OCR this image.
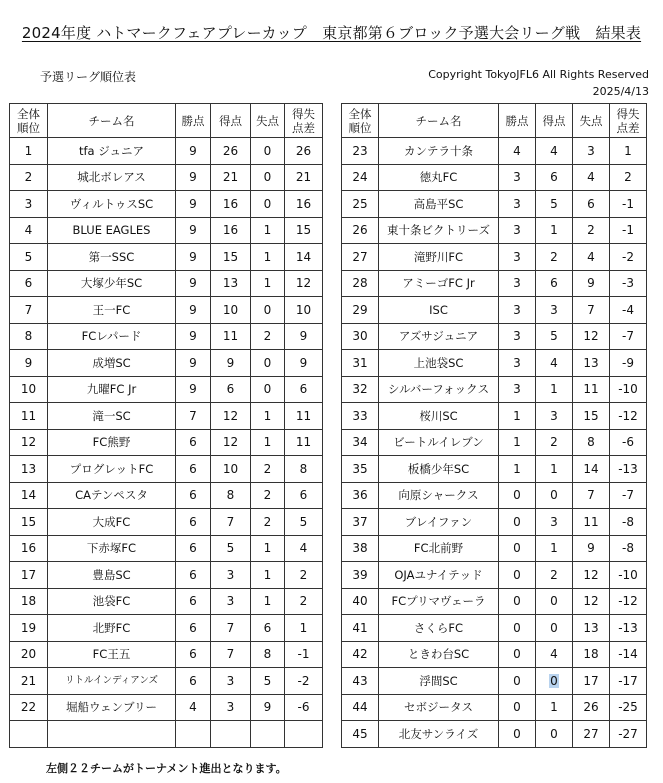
2024年度 ハトマークフェアプレーカップ　東京都第６ブロック予選大会リーグ戦　結果表
予選リーグ順位表	Copyright TokyoJFL6 All Rights Reserved
2025/4/13
全体
順位	チーム名	勝点	得点	失点	得失
点差
1	tfa ジュニア	9	26	0	26
2	城北ボレアス	9	21	0	21
3	ヴィルトゥスSC	9	16	0	16
4	BLUE EAGLES	9	16	1	15
5	第一SSC	9	15	1	14
6	大塚少年SC	9	13	1	12
7	王一FC	9	10	0	10
8	FCレパード	9	11	2	9
9	成増SC	9	9	0	9
10	九曜FC Jr	9	6	0	6
11	滝一SC	7	12	1	11
12	FC熊野	6	12	1	11
13	プログレットFC	6	10	2	8
14	CAテンペスタ	6	8	2	6
15	大成FC	6	7	2	5
16	下赤塚FC	6	5	1	4
17	豊島SC	6	3	1	2
18	池袋FC	6	3	1	2
19	北野FC	6	7	6	1
20	FC王五	6	7	8	-1
21	リトルインディアンズ	6	3	5	-2
22	堀船ウェンブリー	4	3	9	-6

全体
順位	チーム名	勝点	得点	失点	得失
点差
23	カンテラ十条	4	4	3	1
24	徳丸FC	3	6	4	2
25	高島平SC	3	5	6	-1
26	東十条ビクトリーズ	3	1	2	-1
27	滝野川FC	3	2	4	-2
28	アミーゴFC Jr	3	6	9	-3
29	ISC	3	3	7	-4
30	アズサジュニア	3	5	12	-7
31	上池袋SC	3	4	13	-9
32	シルバーフォックス	3	1	11	-10
33	桜川SC	1	3	15	-12
34	ビートルイレブン	1	2	8	-6
35	板橋少年SC	1	1	14	-13
36	向原シャークス	0	0	7	-7
37	ブレイファン	0	3	11	-8
38	FC北前野	0	1	9	-8
39	OJAユナイテッド	0	2	12	-10
40	FCプリマヴェーラ	0	0	12	-12
41	さくらFC	0	0	13	-13
42	ときわ台SC	0	4	18	-14
43	浮間SC	0	0	17	-17
44	セボジータス	0	1	26	-25
45	北友サンライズ	0	0	27	-27
左側２２チームがトーナメント進出となります。
